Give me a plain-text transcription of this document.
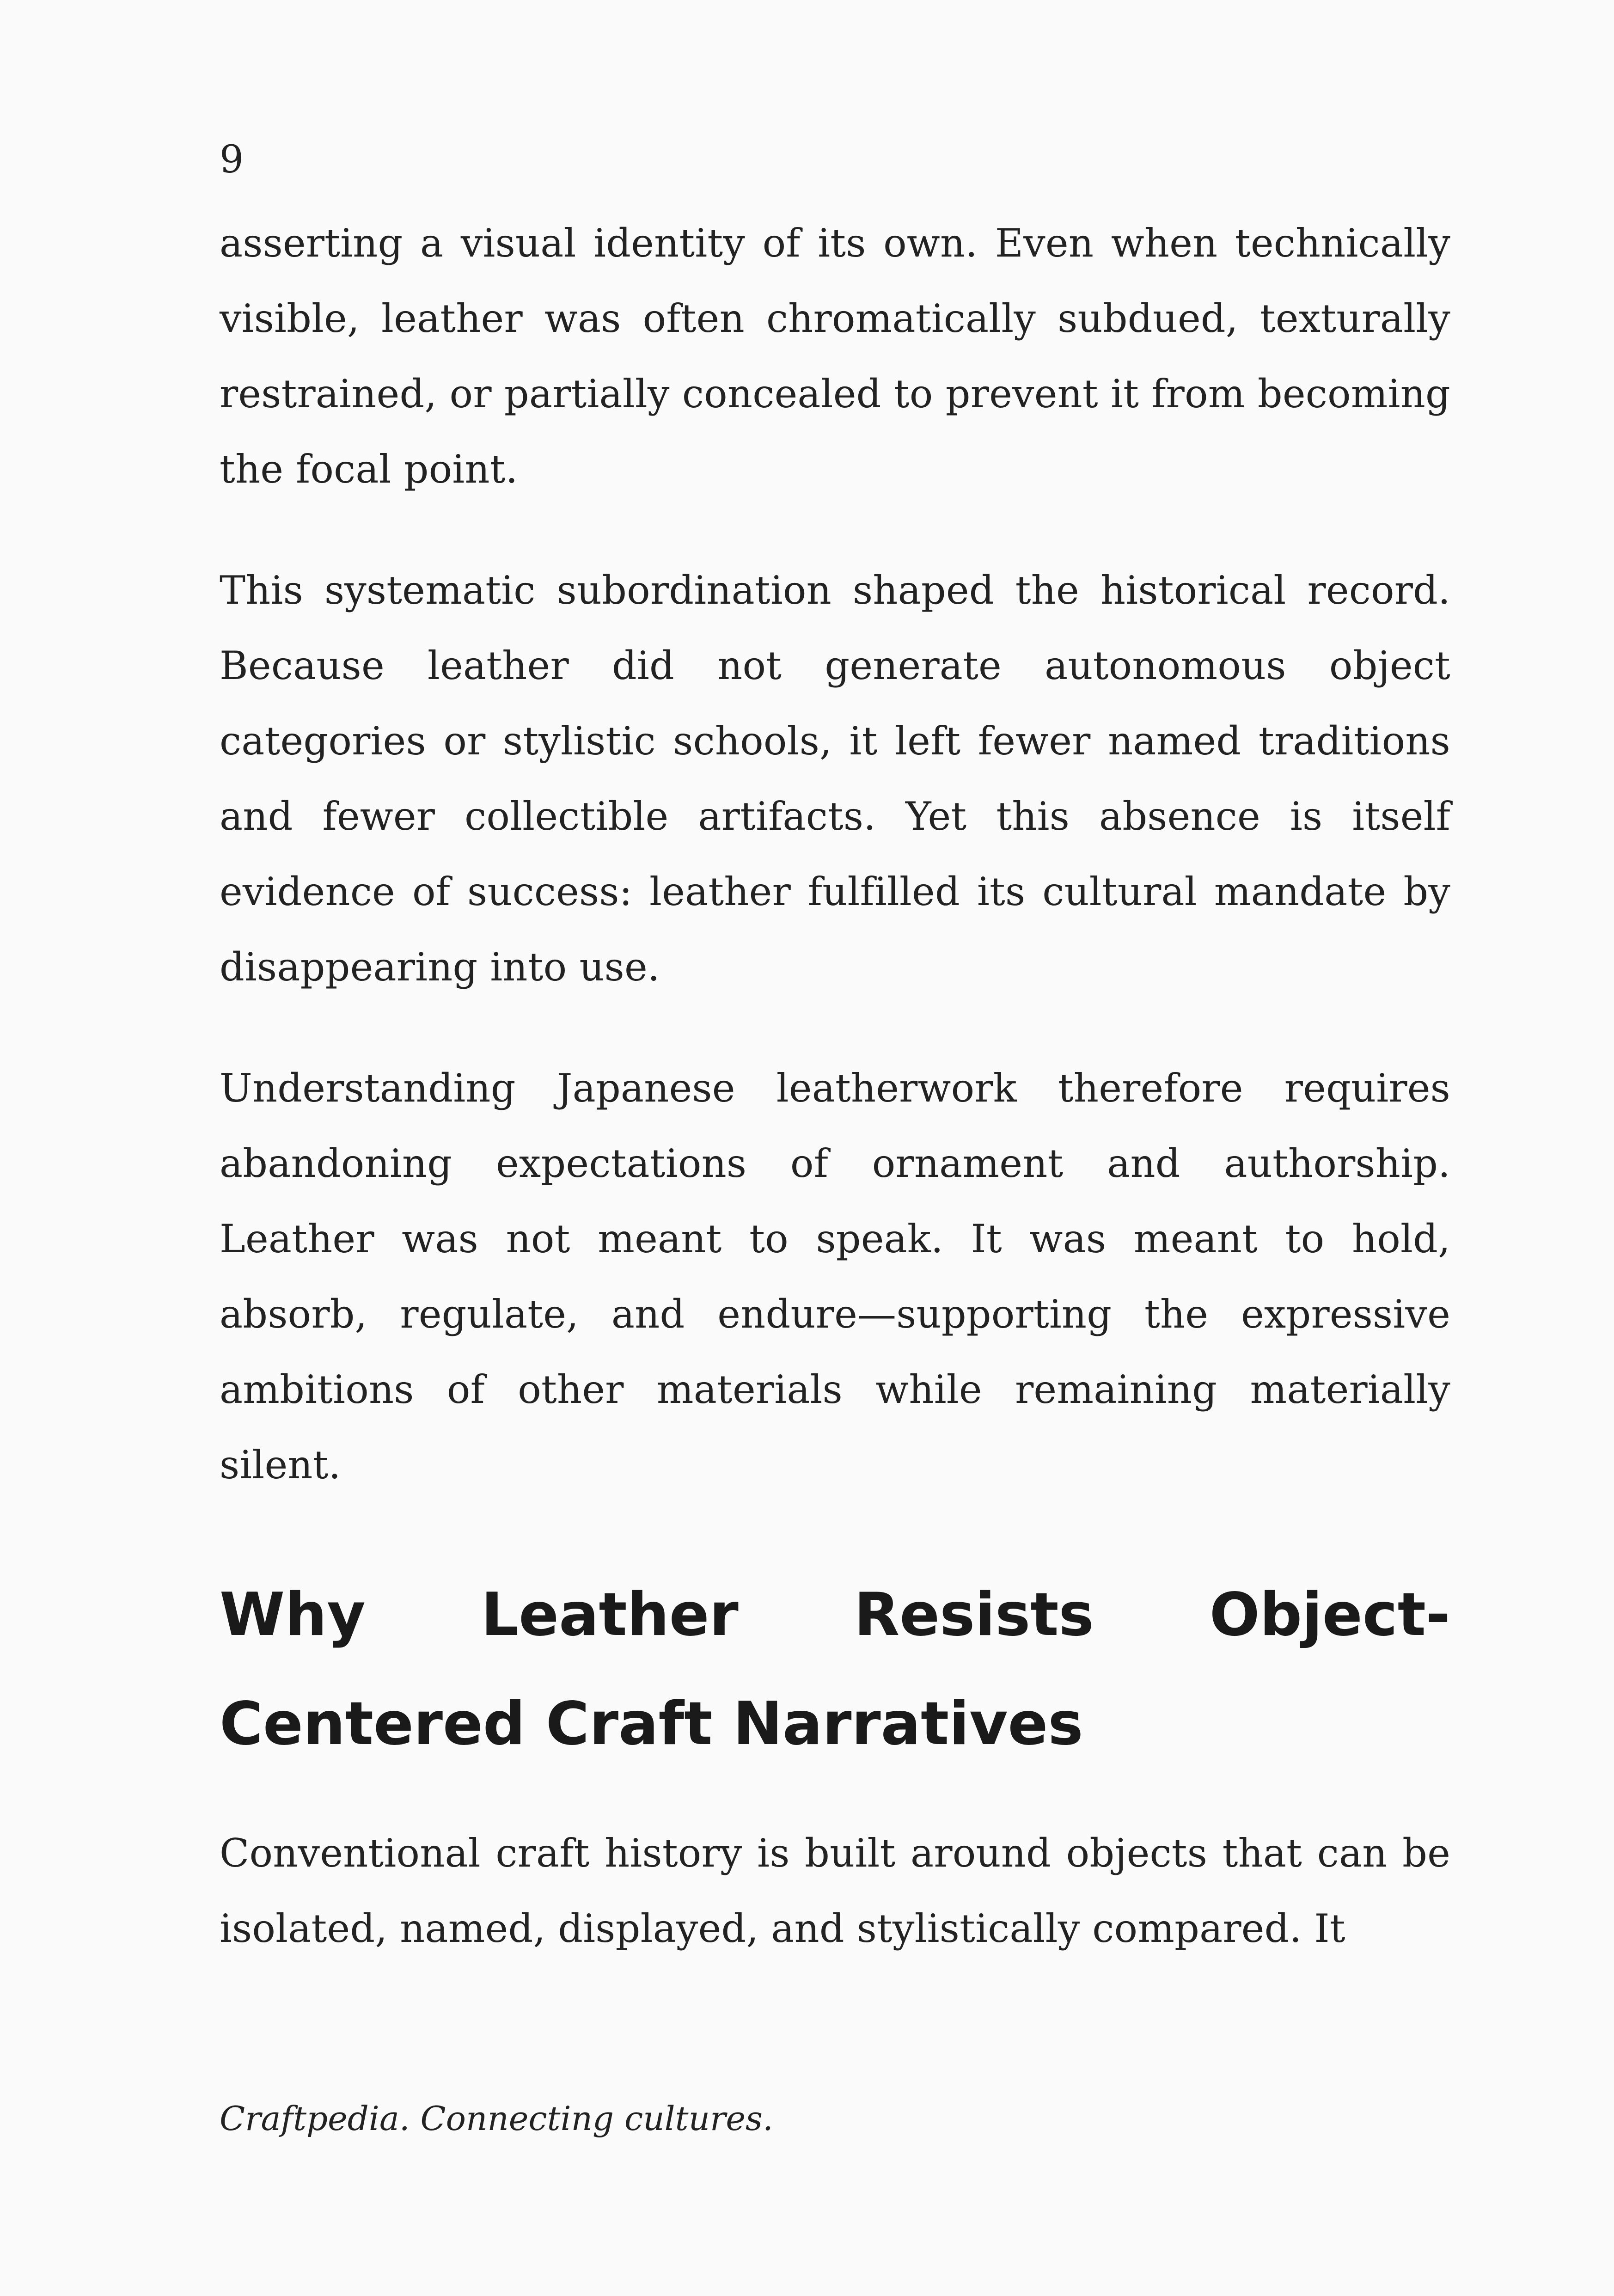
9

asserting a visual identity of its own. Even when technically visible, leather was often chromatically subdued, texturally restrained, or partially concealed to prevent it from becoming the focal point.

This systematic subordination shaped the historical record. Because leather did not generate autonomous object categories or stylistic schools, it left fewer named traditions and fewer collectible artifacts. Yet this absence is itself evidence of success: leather fulfilled its cultural mandate by disappearing into use.

Understanding Japanese leatherwork therefore requires abandoning expectations of ornament and authorship. Leather was not meant to speak. It was meant to hold, absorb, regulate, and endure—supporting the expressive ambitions of other materials while remaining materially silent.

Why Leather Resists Object-Centered Craft Narratives

Conventional craft history is built around objects that can be isolated, named, displayed, and stylistically compared. It

Craftpedia. Connecting cultures.
